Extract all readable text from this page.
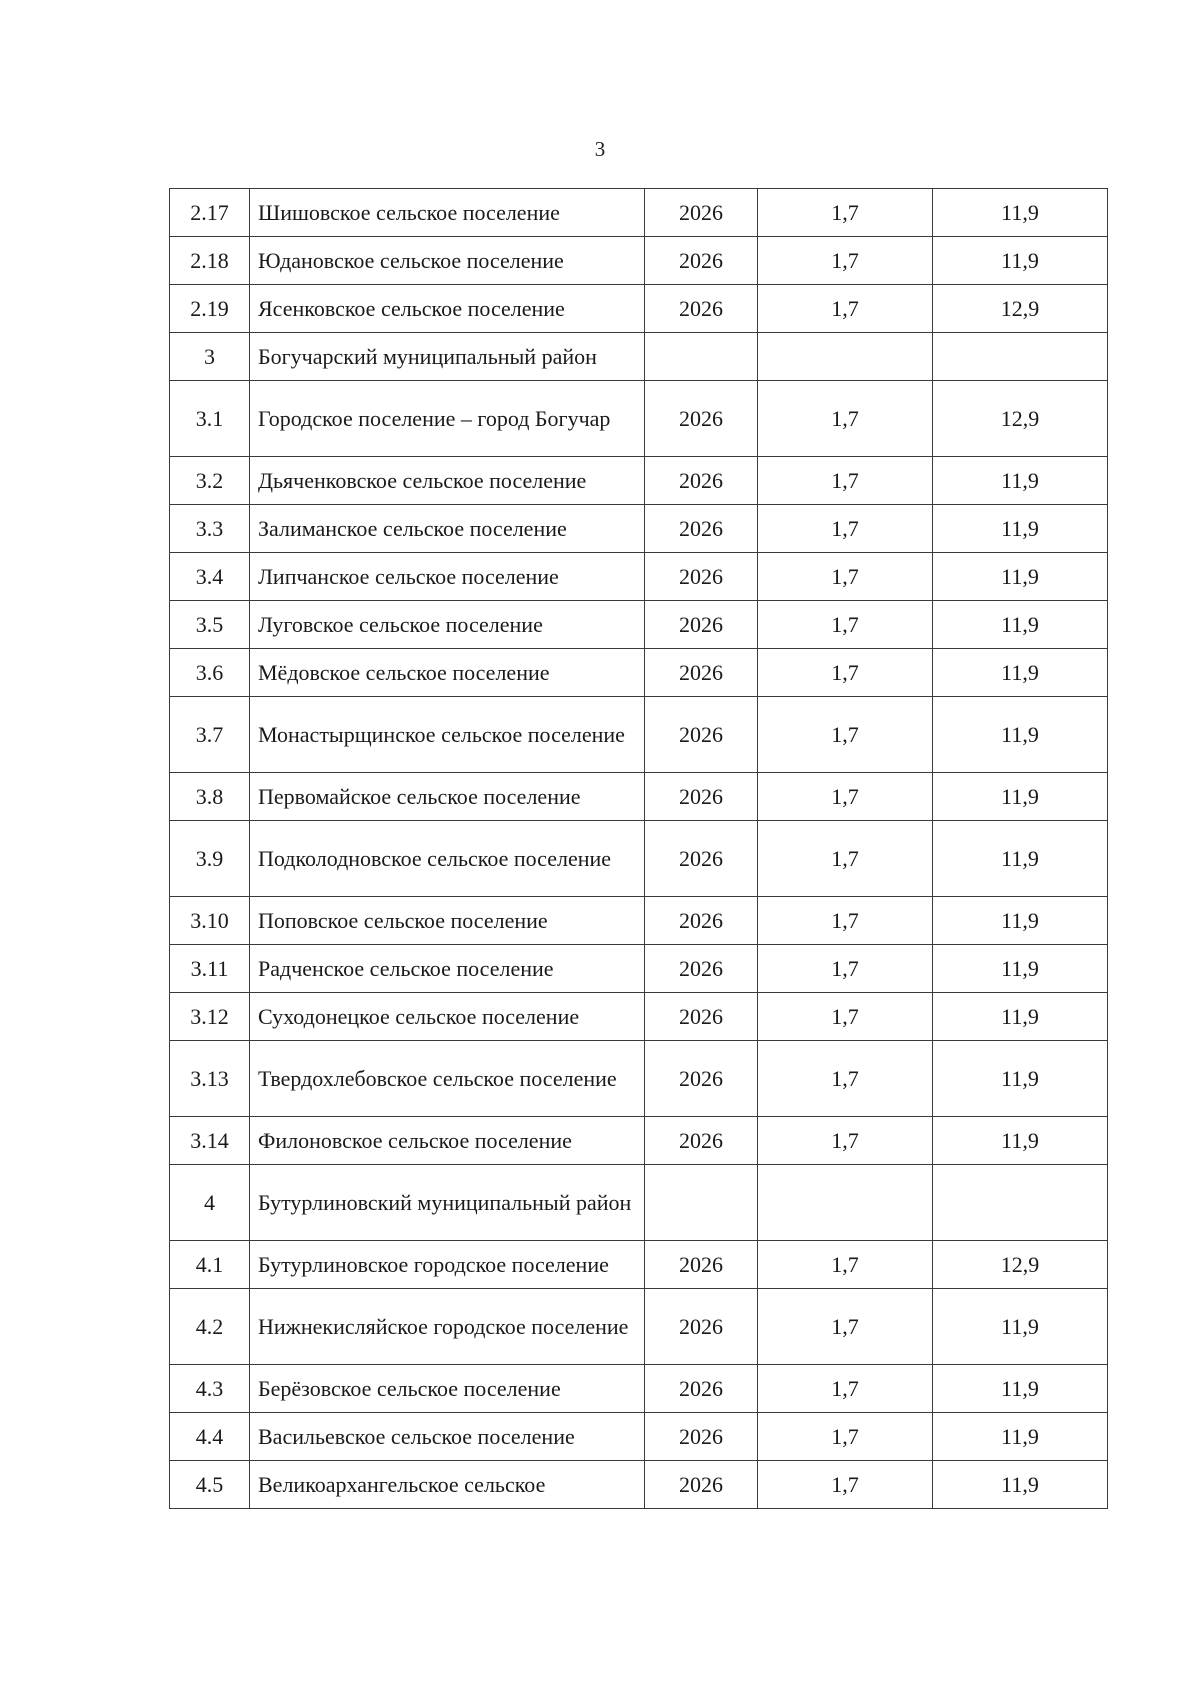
3
2.17	Шишовское сельское поселение	2026	1,7	11,9
2.18	Юдановское сельское поселение	2026	1,7	11,9
2.19	Ясенковское сельское поселение	2026	1,7	12,9
3	Богучарский муниципальный район			
3.1	Городское поселение – город Богучар	2026	1,7	12,9
3.2	Дьяченковское сельское поселение	2026	1,7	11,9
3.3	Залиманское сельское поселение	2026	1,7	11,9
3.4	Липчанское сельское поселение	2026	1,7	11,9
3.5	Луговское сельское поселение	2026	1,7	11,9
3.6	Мёдовское сельское поселение	2026	1,7	11,9
3.7	Монастырщинское сельское поселение	2026	1,7	11,9
3.8	Первомайское сельское поселение	2026	1,7	11,9
3.9	Подколодновское сельское поселение	2026	1,7	11,9
3.10	Поповское сельское поселение	2026	1,7	11,9
3.11	Радченское сельское поселение	2026	1,7	11,9
3.12	Суходонецкое сельское поселение	2026	1,7	11,9
3.13	Твердохлебовское сельское поселение	2026	1,7	11,9
3.14	Филоновское сельское поселение	2026	1,7	11,9
4	Бутурлиновский муниципальный район			
4.1	Бутурлиновское городское поселение	2026	1,7	12,9
4.2	Нижнекисляйское городское поселение	2026	1,7	11,9
4.3	Берёзовское сельское поселение	2026	1,7	11,9
4.4	Васильевское сельское поселение	2026	1,7	11,9
4.5	Великоархангельское сельское	2026	1,7	11,9
